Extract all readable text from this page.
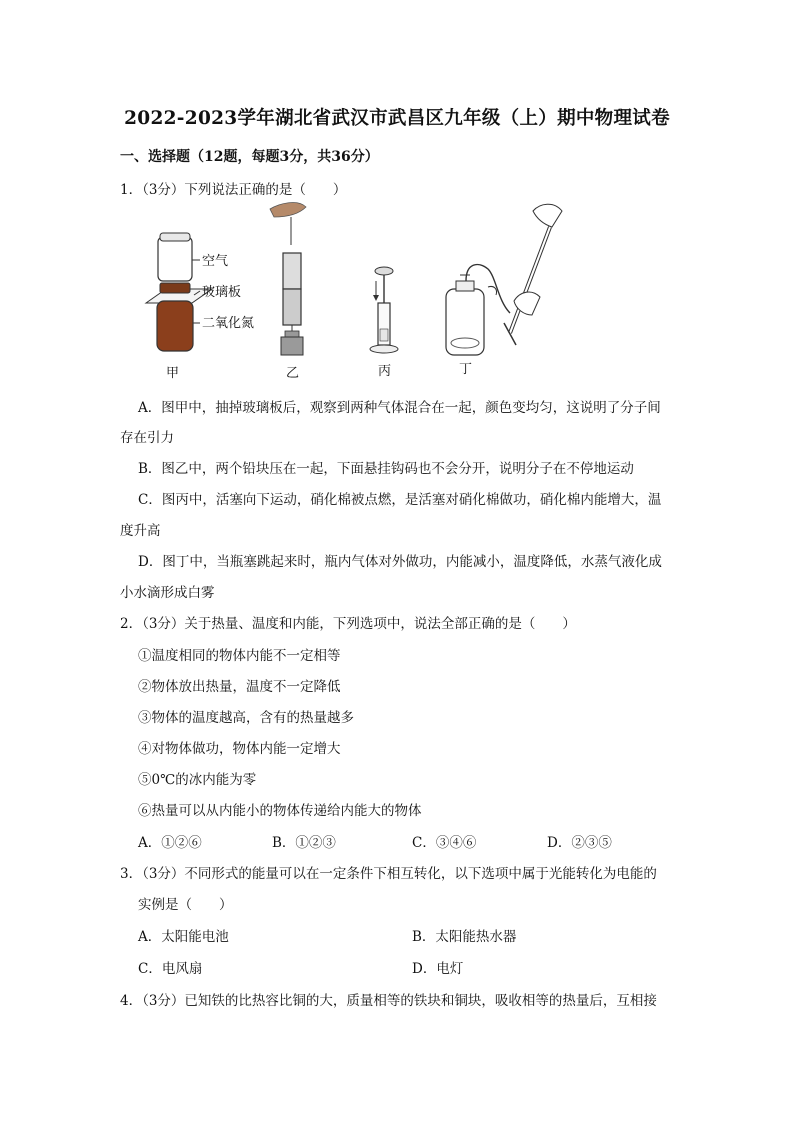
2022-2023学年湖北省武汉市武昌区九年级（上）期中物理试卷
一、选择题（12题，每题3分，共36分）
1．（3分）下列说法正确的是（　　）
空气
玻璃板
二氧化氮
甲	乙	丙	丁
A．图甲中，抽掉玻璃板后，观察到两种气体混合在一起，颜色变均匀，这说明了分子间
存在引力
B．图乙中，两个铅块压在一起，下面悬挂钩码也不会分开，说明分子在不停地运动
C．图丙中，活塞向下运动，硝化棉被点燃，是活塞对硝化棉做功，硝化棉内能增大，温
度升高
D．图丁中，当瓶塞跳起来时，瓶内气体对外做功，内能减小，温度降低，水蒸气液化成
小水滴形成白雾
2．（3分）关于热量、温度和内能，下列选项中，说法全部正确的是（　　）
①温度相同的物体内能不一定相等
②物体放出热量，温度不一定降低
③物体的温度越高，含有的热量越多
④对物体做功，物体内能一定增大
⑤0℃的冰内能为零
⑥热量可以从内能小的物体传递给内能大的物体
A．①②⑥	B．①②③	C．③④⑥	D．②③⑤
3．（3分）不同形式的能量可以在一定条件下相互转化，以下选项中属于光能转化为电能的
实例是（　　）
A．太阳能电池	B．太阳能热水器
C．电风扇	D．电灯
4．（3分）已知铁的比热容比铜的大，质量相等的铁块和铜块，吸收相等的热量后，互相接
